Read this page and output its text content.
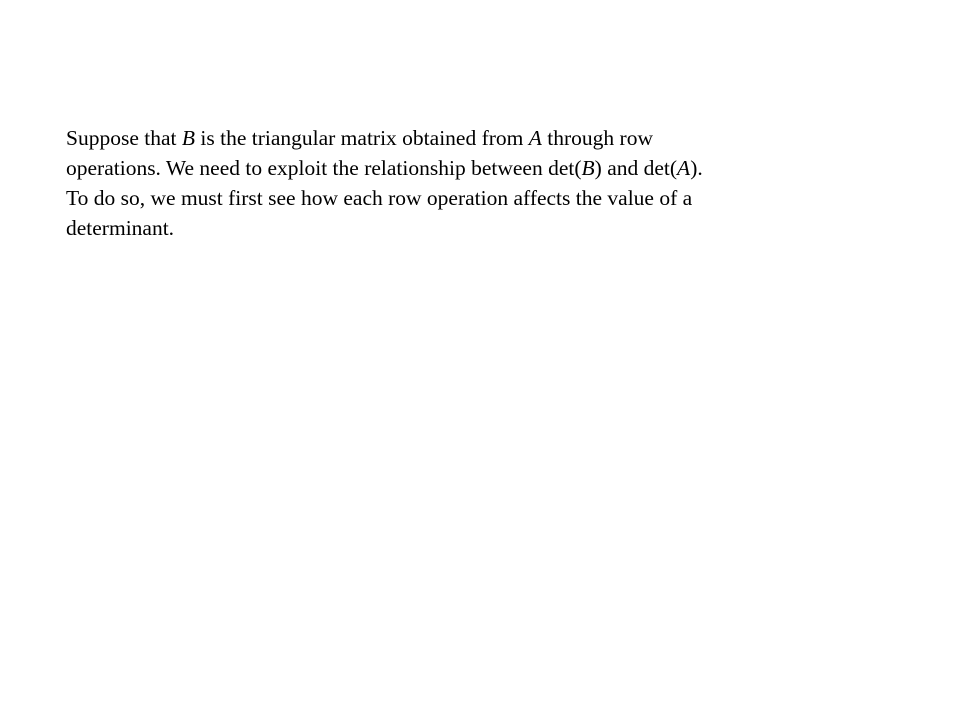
Suppose that B is the triangular matrix obtained from A through row
operations. We need to exploit the relationship between det(B) and det(A).
To do so, we must first see how each row operation affects the value of a
determinant.
